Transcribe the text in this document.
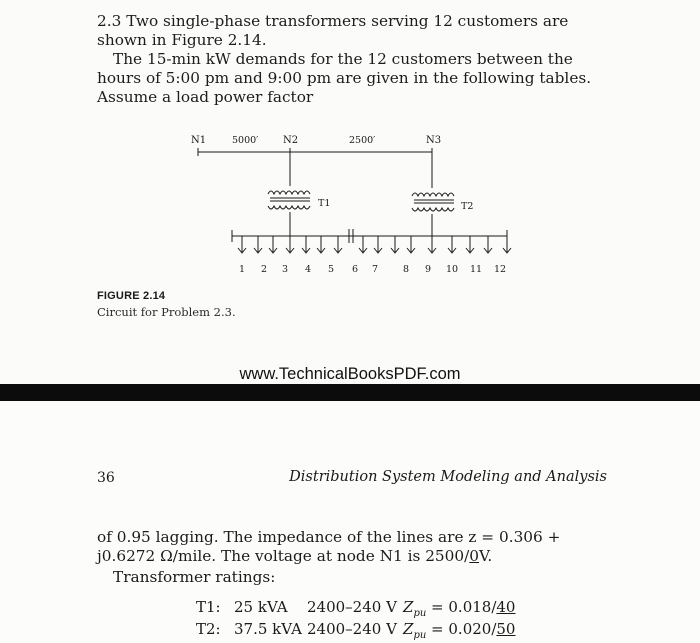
2.3 Two single-phase transformers serving 12 customers are shown in Figure 2.14.
The 15-min kW demands for the 12 customers between the hours of 5:00 pm and 9:00 pm are given in the following tables. Assume a load power factor
N1	5000′ N2	2500′	N3
T1	T2
1 2 3 4 5 6 7	8 9 10 11 12
FIGURE 2.14
Circuit for Problem 2.3.
www.TechnicalBooksPDF.com
36	Distribution System Modeling and Analysis
of 0.95 lagging. The impedance of the lines are z = 0.306 + j0.6272 Ω/mile. The voltage at node N1 is 2500/0V.
Transformer ratings:
T1: 25 kVA 2400–240 V $Z_{pu} = 0.018/40$
T2: 37.5 kVA 2400–240 V $Z_{pu} = 0.020/50$
